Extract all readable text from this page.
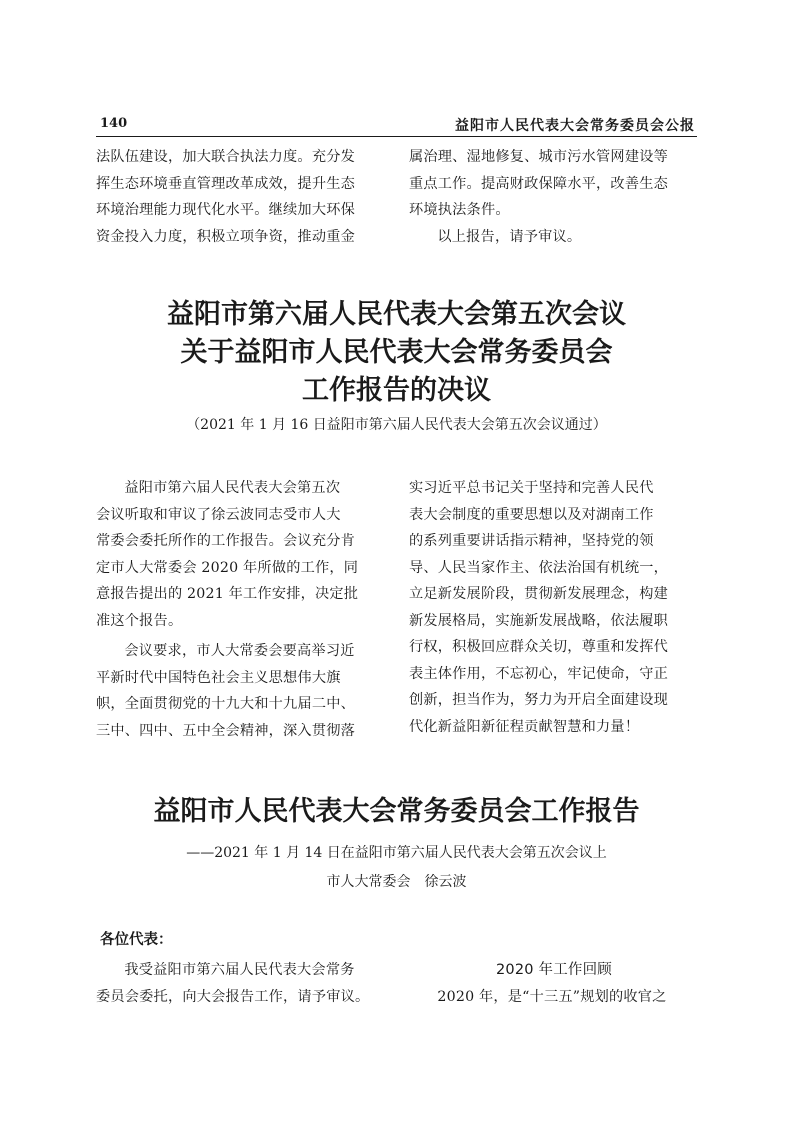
140	益阳市人民代表大会常务委员会公报

法队伍建设，加大联合执法力度。充分发

挥生态环境垂直管理改革成效，提升生态

环境治理能力现代化水平。继续加大环保

资金投入力度，积极立项争资，推动重金

属治理、湿地修复、城市污水管网建设等

重点工作。提高财政保障水平，改善生态

环境执法条件。

以上报告，请予审议。

益阳市第六届人民代表大会第五次会议
关于益阳市人民代表大会常务委员会
工作报告的决议
（2021 年 1 月 16 日益阳市第六届人民代表大会第五次会议通过）

益阳市第六届人民代表大会第五次

会议听取和审议了徐云波同志受市人大

常委会委托所作的工作报告。会议充分肯

定市人大常委会 2020 年所做的工作，同

意报告提出的 2021 年工作安排，决定批

准这个报告。

会议要求，市人大常委会要高举习近

平新时代中国特色社会主义思想伟大旗

帜，全面贯彻党的十九大和十九届二中、

三中、四中、五中全会精神，深入贯彻落

实习近平总书记关于坚持和完善人民代

表大会制度的重要思想以及对湖南工作

的系列重要讲话指示精神，坚持党的领

导、人民当家作主、依法治国有机统一，

立足新发展阶段，贯彻新发展理念，构建

新发展格局，实施新发展战略，依法履职

行权，积极回应群众关切，尊重和发挥代

表主体作用，不忘初心，牢记使命，守正

创新，担当作为，努力为开启全面建设现

代化新益阳新征程贡献智慧和力量！

益阳市人民代表大会常务委员会工作报告
——2021 年 1 月 14 日在益阳市第六届人民代表大会第五次会议上
市人大常委会　徐云波
各位代表：

我受益阳市第六届人民代表大会常务

委员会委托，向大会报告工作，请予审议。

2020 年工作回顾

2020 年，是“十三五”规划的收官之
